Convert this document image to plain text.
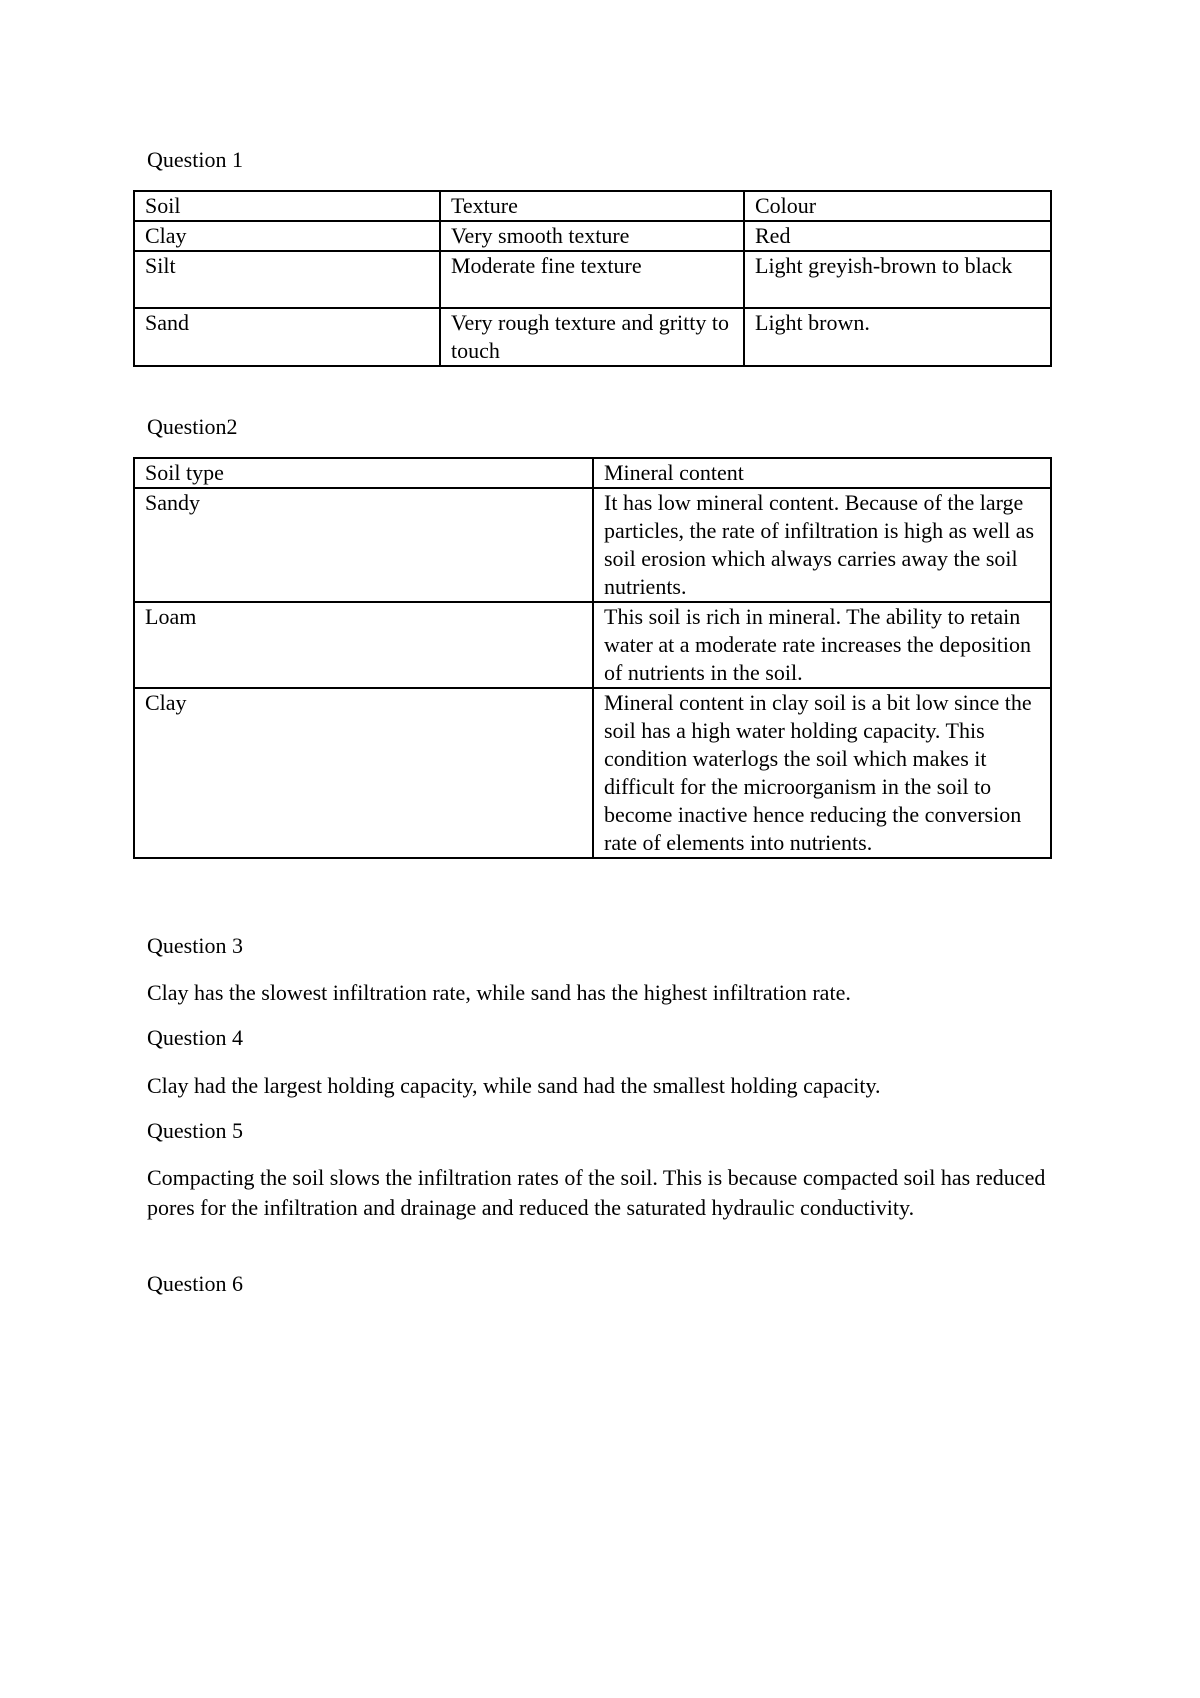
Question 1
Soil	Texture	Colour
Clay	Very smooth texture	Red
Silt	Moderate fine texture	Light greyish-brown to black
Sand	Very rough texture and gritty to touch	Light brown.
Question2
Soil type	Mineral content
Sandy	It has low mineral content. Because of the large particles, the rate of infiltration is high as well as soil erosion which always carries away the soil nutrients.
Loam	This soil is rich in mineral. The ability to retain water at a moderate rate increases the deposition of nutrients in the soil.
Clay	Mineral content in clay soil is a bit low since the soil has a high water holding capacity. This condition waterlogs the soil which makes it difficult for the microorganism in the soil to become inactive hence reducing the conversion rate of elements into nutrients.
Question 3

Clay has the slowest infiltration rate, while sand has the highest infiltration rate.

Question 4

Clay had the largest holding capacity, while sand had the smallest holding capacity.

Question 5

Compacting the soil slows the infiltration rates of the soil. This is because compacted soil has reduced pores for the infiltration and drainage and reduced the saturated hydraulic conductivity.

Question 6
